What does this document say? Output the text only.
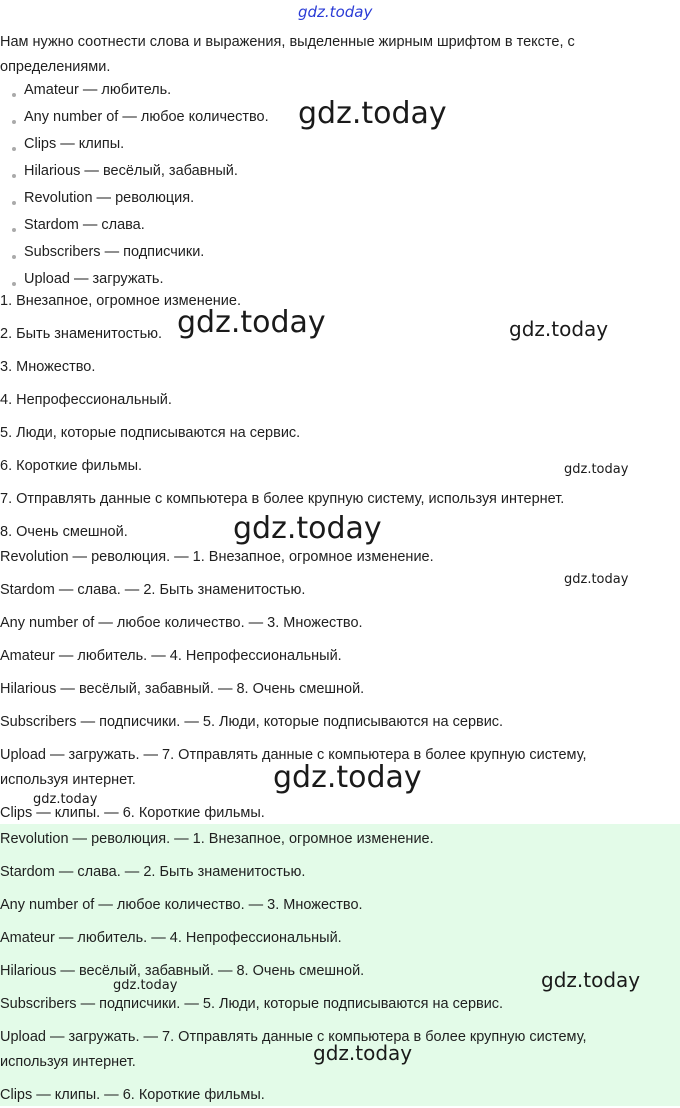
gdz.today
Нам нужно соотнести слова и выражения, выделенные жирным шрифтом в тексте, с
определениями.
Amateur — любитель.
Any number of — любое количество.
Clips — клипы.
Hilarious — весёлый, забавный.
Revolution — революция.
Stardom — слава.
Subscribers — подписчики.
Upload — загружать.
1. Внезапное, огромное изменение.
2. Быть знаменитостью.
3. Множество.
4. Непрофессиональный.
5. Люди, которые подписываются на сервис.
6. Короткие фильмы.
7. Отправлять данные с компьютера в более крупную систему, используя интернет.
8. Очень смешной.
Revolution — революция. — 1. Внезапное, огромное изменение.
Stardom — слава. — 2. Быть знаменитостью.
Any number of — любое количество. — 3. Множество.
Amateur — любитель. — 4. Непрофессиональный.
Hilarious — весёлый, забавный. — 8. Очень смешной.
Subscribers — подписчики. — 5. Люди, которые подписываются на сервис.
Upload — загружать. — 7. Отправлять данные с компьютера в более крупную систему,
используя интернет.
Clips — клипы. — 6. Короткие фильмы.
Revolution — революция. — 1. Внезапное, огромное изменение.
Stardom — слава. — 2. Быть знаменитостью.
Any number of — любое количество. — 3. Множество.
Amateur — любитель. — 4. Непрофессиональный.
Hilarious — весёлый, забавный. — 8. Очень смешной.
Subscribers — подписчики. — 5. Люди, которые подписываются на сервис.
Upload — загружать. — 7. Отправлять данные с компьютера в более крупную систему,
используя интернет.
Clips — клипы. — 6. Короткие фильмы.
gdz.today
gdz.today	gdz.today
gdz.today
gdz.today
gdz.today
gdz.today
gdz.today
gdz.today
gdz.today
gdz.today
